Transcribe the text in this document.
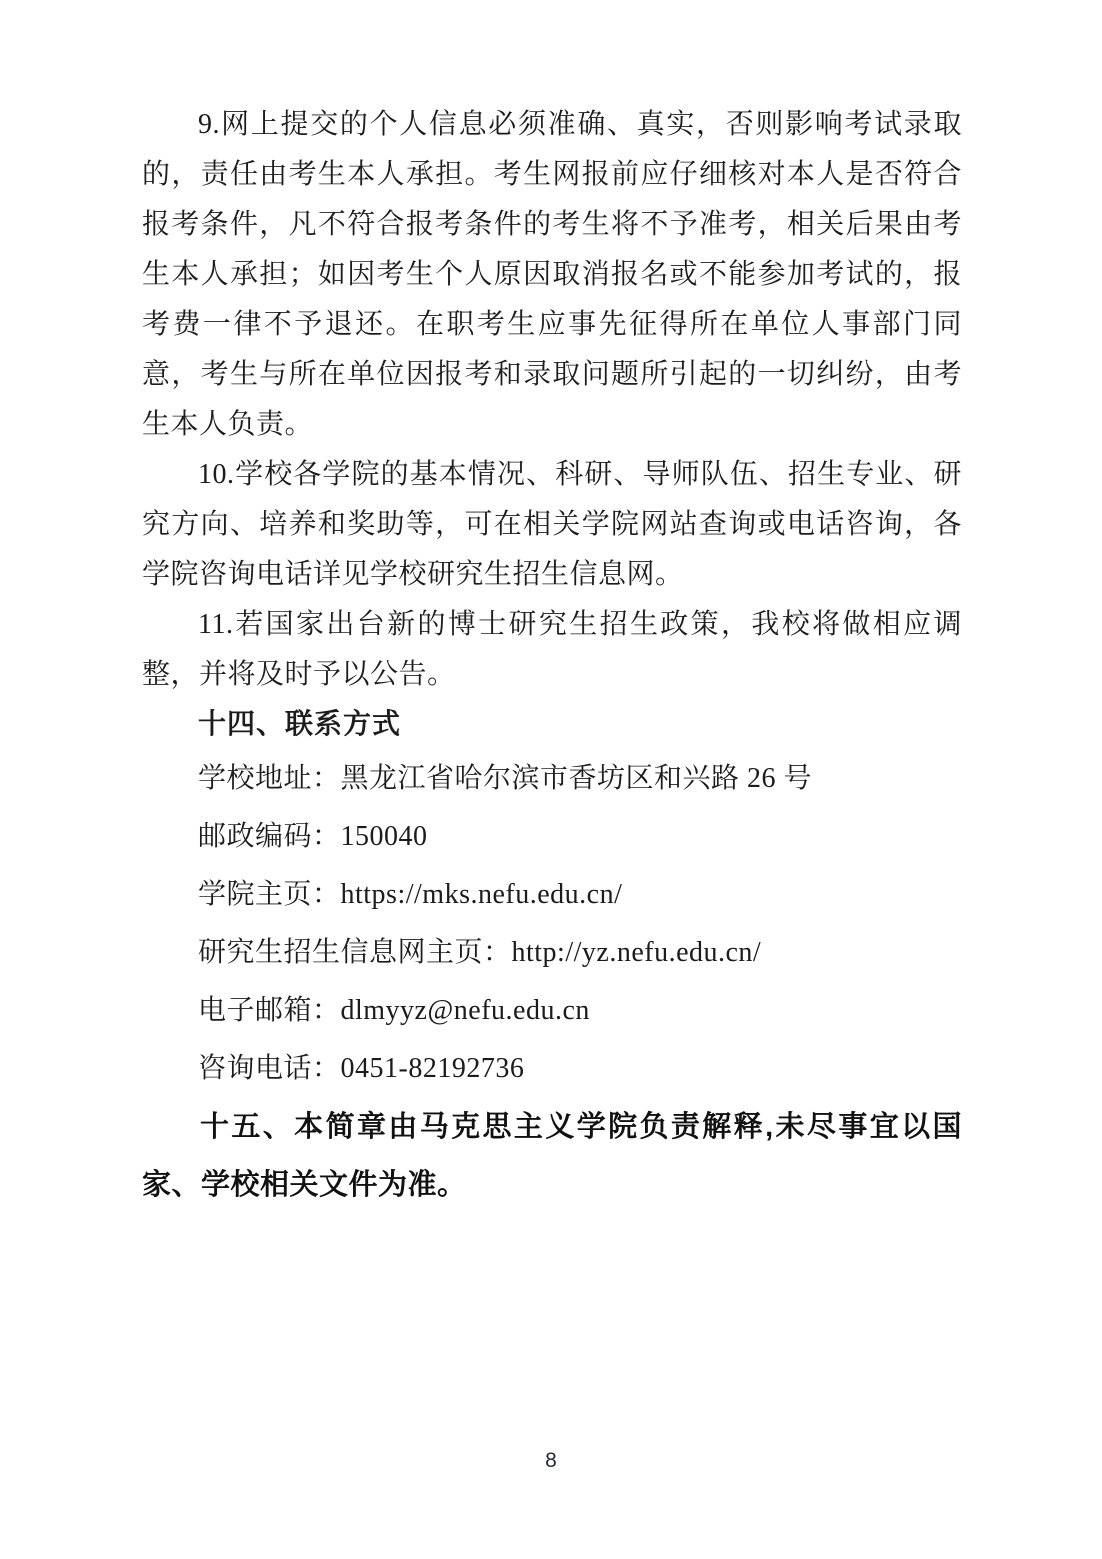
9.网上提交的个人信息必须准确、真实，否则影响考试录取的，责任由考生本人承担。考生网报前应仔细核对本人是否符合报考条件，凡不符合报考条件的考生将不予准考，相关后果由考生本人承担；如因考生个人原因取消报名或不能参加考试的，报考费一律不予退还。在职考生应事先征得所在单位人事部门同意，考生与所在单位因报考和录取问题所引起的一切纠纷，由考生本人负责。

10.学校各学院的基本情况、科研、导师队伍、招生专业、研究方向、培养和奖助等，可在相关学院网站查询或电话咨询，各学院咨询电话详见学校研究生招生信息网。

11.若国家出台新的博士研究生招生政策，我校将做相应调整，并将及时予以公告。

十四、联系方式

学校地址：黑龙江省哈尔滨市香坊区和兴路 26 号

邮政编码：150040

学院主页：https://mks.nefu.edu.cn/

研究生招生信息网主页：http://yz.nefu.edu.cn/

电子邮箱：dlmyyz@nefu.edu.cn

咨询电话：0451-82192736

十五、本简章由马克思主义学院负责解释,未尽事宜以国家、学校相关文件为准。

8
